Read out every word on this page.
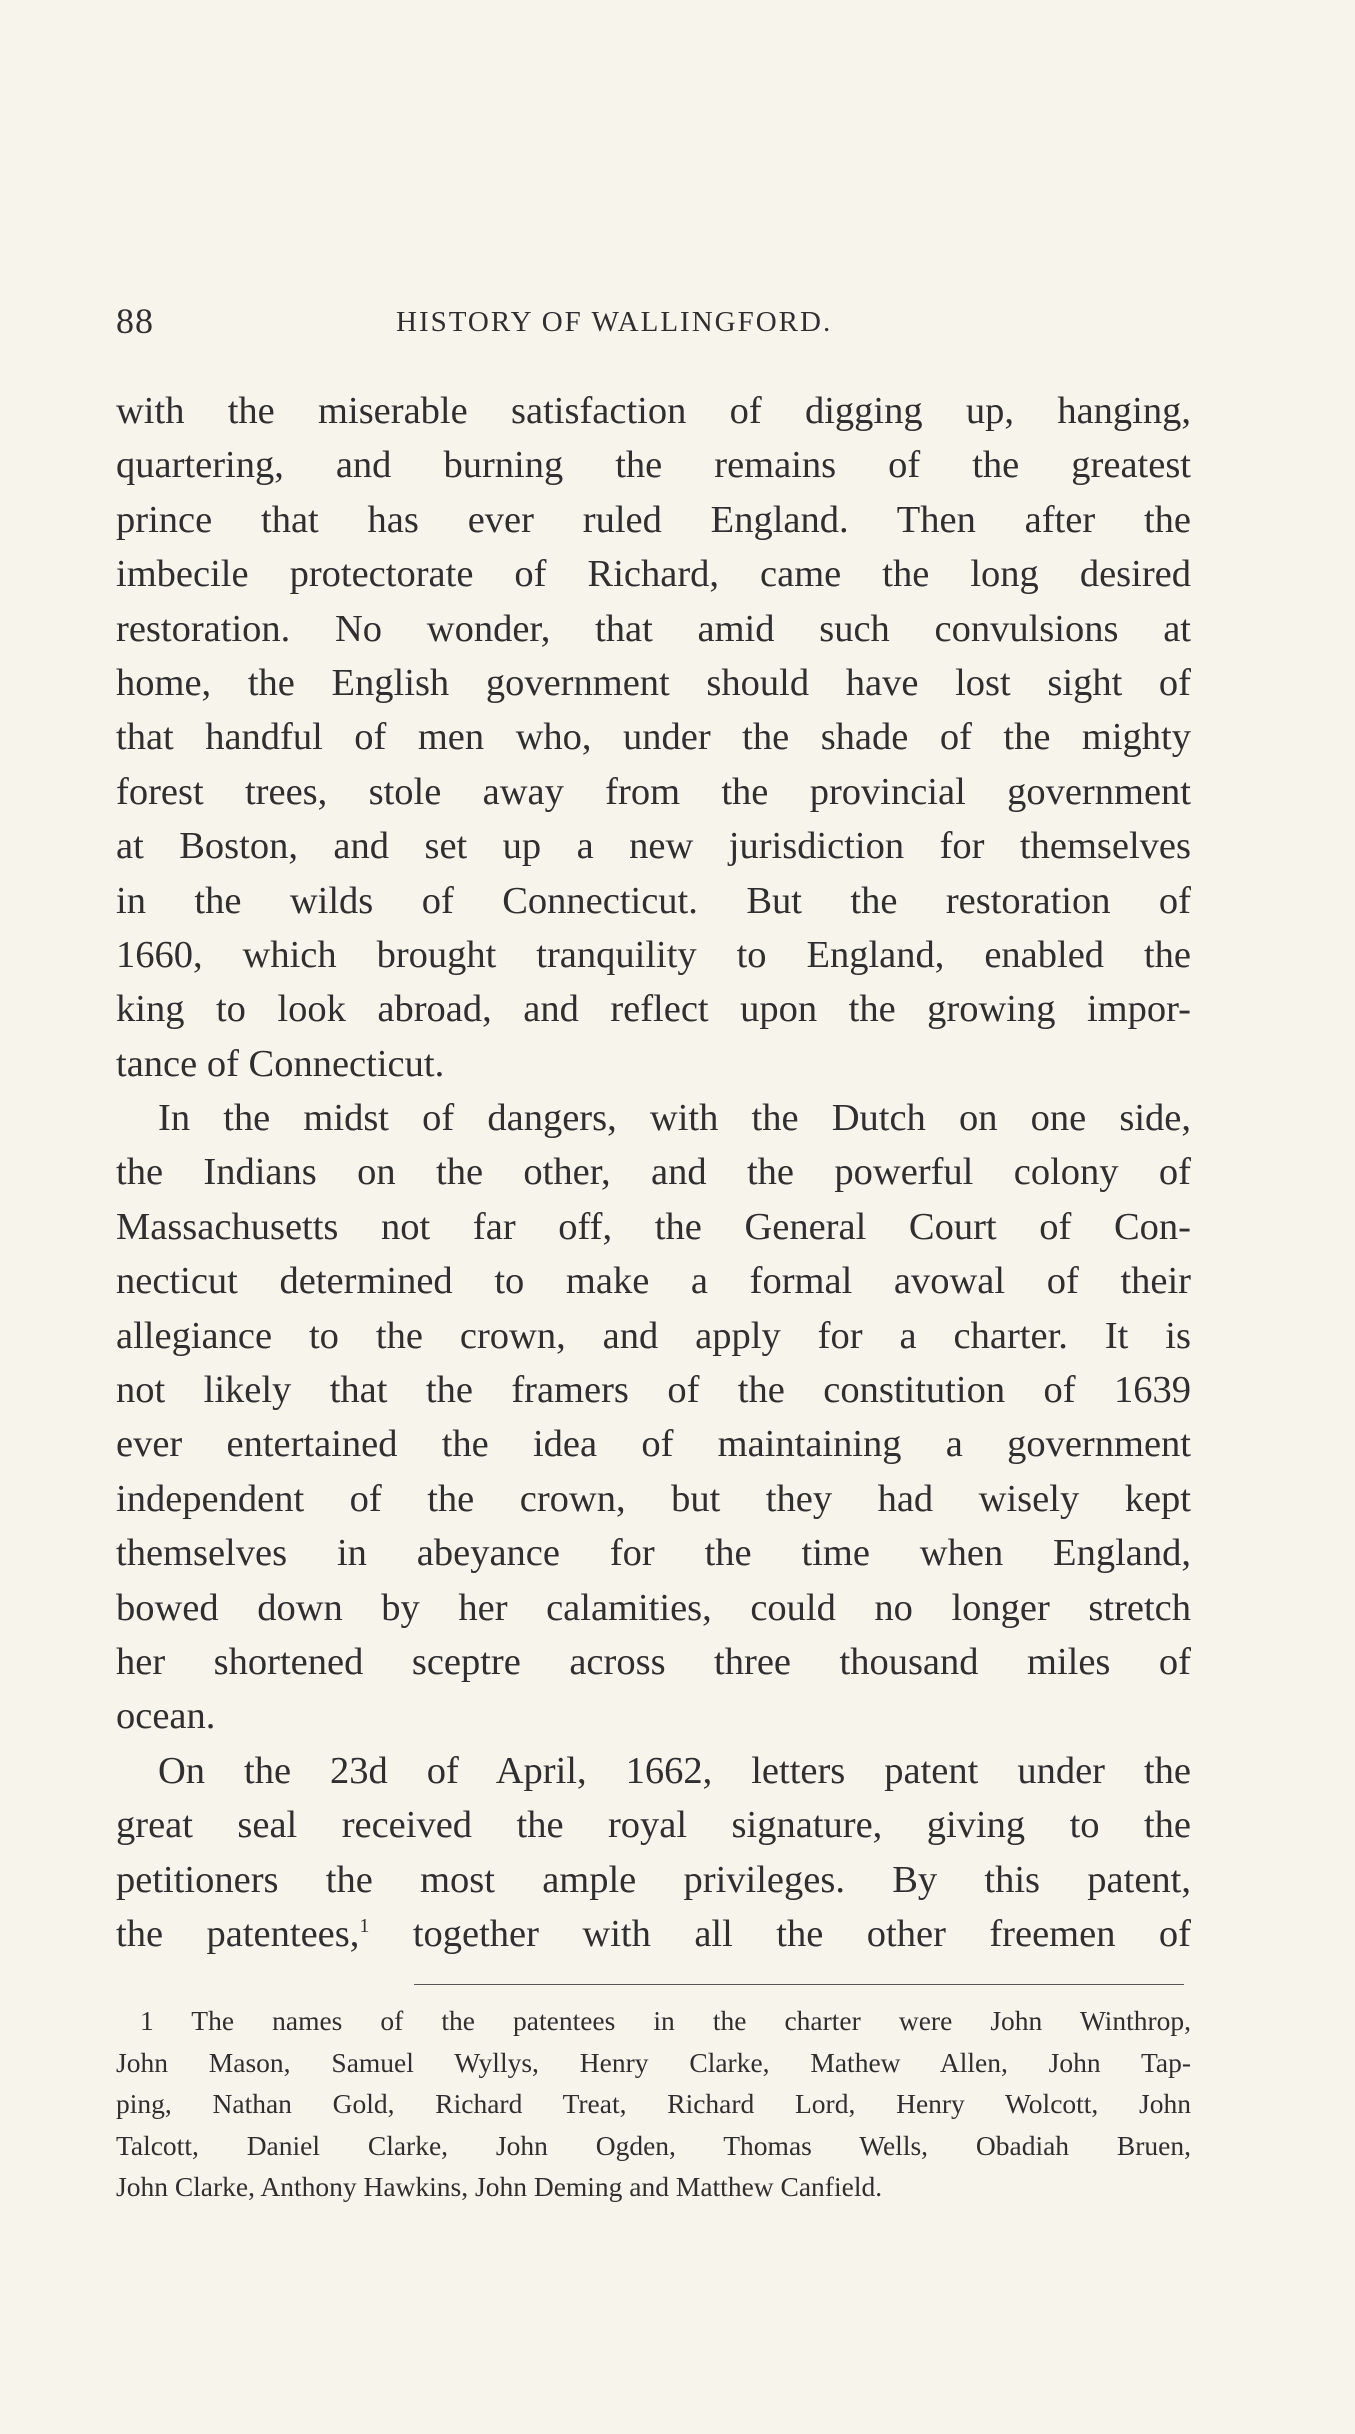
88	HISTORY OF WALLINGFORD.
with the miserable satisfaction of digging up, hanging,
quartering, and burning the remains of the greatest
prince that has ever ruled England. Then after the
imbecile protectorate of Richard, came the long desired
restoration. No wonder, that amid such convulsions at
home, the English government should have lost sight of
that handful of men who, under the shade of the mighty
forest trees, stole away from the provincial government
at Boston, and set up a new jurisdiction for themselves
in the wilds of Connecticut. But the restoration of
1660, which brought tranquility to England, enabled the
king to look abroad, and reflect upon the growing impor-
tance of Connecticut.
In the midst of dangers, with the Dutch on one side,
the Indians on the other, and the powerful colony of
Massachusetts not far off, the General Court of Con-
necticut determined to make a formal avowal of their
allegiance to the crown, and apply for a charter. It is
not likely that the framers of the constitution of 1639
ever entertained the idea of maintaining a government
independent of the crown, but they had wisely kept
themselves in abeyance for the time when England,
bowed down by her calamities, could no longer stretch
her shortened sceptre across three thousand miles of
ocean.
On the 23d of April, 1662, letters patent under the
great seal received the royal signature, giving to the
petitioners the most ample privileges. By this patent,
the patentees,$^1$ together with all the other freemen of
1 The names of the patentees in the charter were John Winthrop,
John Mason, Samuel Wyllys, Henry Clarke, Mathew Allen, John Tap-
ping, Nathan Gold, Richard Treat, Richard Lord, Henry Wolcott, John
Talcott, Daniel Clarke, John Ogden, Thomas Wells, Obadiah Bruen,
John Clarke, Anthony Hawkins, John Deming and Matthew Canfield.
